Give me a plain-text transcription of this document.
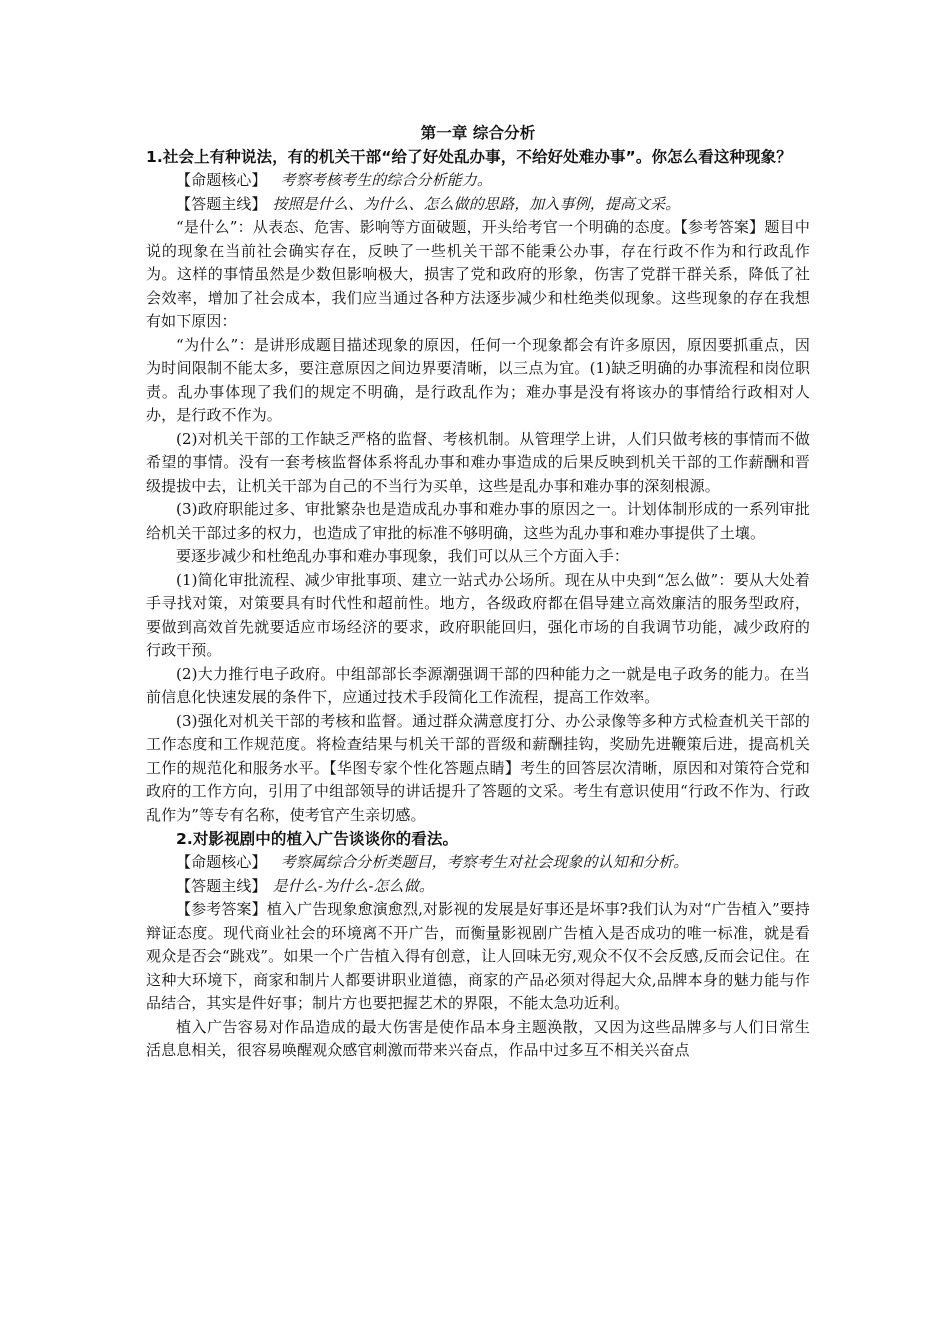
第一章 综合分析
1.社会上有种说法，有的机关干部“给了好处乱办事，不给好处难办事”。你怎么看这种现象？

【命题核心】 考察考核考生的综合分析能力。

【答题主线】 按照是什么、为什么、怎么做的思路，加入事例，提高文采。

“是什么”：从表态、危害、影响等方面破题，开头给考官一个明确的态度。【参考答案】题目中说的现象在当前社会确实存在，反映了一些机关干部不能秉公办事，存在行政不作为和行政乱作为。这样的事情虽然是少数但影响极大，损害了党和政府的形象，伤害了党群干群关系，降低了社会效率，增加了社会成本，我们应当通过各种方法逐步减少和杜绝类似现象。这些现象的存在我想有如下原因：

“为什么”：是讲形成题目描述现象的原因，任何一个现象都会有许多原因，原因要抓重点，因为时间限制不能太多，要注意原因之间边界要清晰，以三点为宜。(1)缺乏明确的办事流程和岗位职责。乱办事体现了我们的规定不明确，是行政乱作为；难办事是没有将该办的事情给行政相对人办，是行政不作为。

(2)对机关干部的工作缺乏严格的监督、考核机制。从管理学上讲，人们只做考核的事情而不做希望的事情。没有一套考核监督体系将乱办事和难办事造成的后果反映到机关干部的工作薪酬和晋级提拔中去，让机关干部为自己的不当行为买单，这些是乱办事和难办事的深刻根源。

(3)政府职能过多、审批繁杂也是造成乱办事和难办事的原因之一。计划体制形成的一系列审批给机关干部过多的权力，也造成了审批的标准不够明确，这些为乱办事和难办事提供了土壤。

要逐步减少和杜绝乱办事和难办事现象，我们可以从三个方面入手：

(1)简化审批流程、减少审批事项、建立一站式办公场所。现在从中央到“怎么做”：要从大处着手寻找对策，对策要具有时代性和超前性。地方，各级政府都在倡导建立高效廉洁的服务型政府，要做到高效首先就要适应市场经济的要求，政府职能回归，强化市场的自我调节功能，减少政府的行政干预。

(2)大力推行电子政府。中组部部长李源潮强调干部的四种能力之一就是电子政务的能力。在当前信息化快速发展的条件下，应通过技术手段简化工作流程，提高工作效率。

(3)强化对机关干部的考核和监督。通过群众满意度打分、办公录像等多种方式检查机关干部的工作态度和工作规范度。将检查结果与机关干部的晋级和薪酬挂钩，奖励先进鞭策后进，提高机关工作的规范化和服务水平。【华图专家个性化答题点睛】考生的回答层次清晰，原因和对策符合党和政府的工作方向，引用了中组部领导的讲话提升了答题的文采。考生有意识使用“行政不作为、行政乱作为”等专有名称，使考官产生亲切感。

2.对影视剧中的植入广告谈谈你的看法。

【命题核心】 考察属综合分析类题目，考察考生对社会现象的认知和分析。

【答题主线】 是什么-为什么-怎么做。

【参考答案】植入广告现象愈演愈烈,对影视的发展是好事还是坏事?我们认为对“广告植入”要持辩证态度。现代商业社会的环境离不开广告，而衡量影视剧广告植入是否成功的唯一标准，就是看观众是否会“跳戏”。如果一个广告植入得有创意，让人回味无穷,观众不仅不会反感,反而会记住。在这种大环境下，商家和制片人都要讲职业道德，商家的产品必须对得起大众,品牌本身的魅力能与作品结合，其实是件好事；制片方也要把握艺术的界限，不能太急功近利。

植入广告容易对作品造成的最大伤害是使作品本身主题涣散，又因为这些品牌多与人们日常生活息息相关，很容易唤醒观众感官刺激而带来兴奋点，作品中过多互不相关兴奋点
